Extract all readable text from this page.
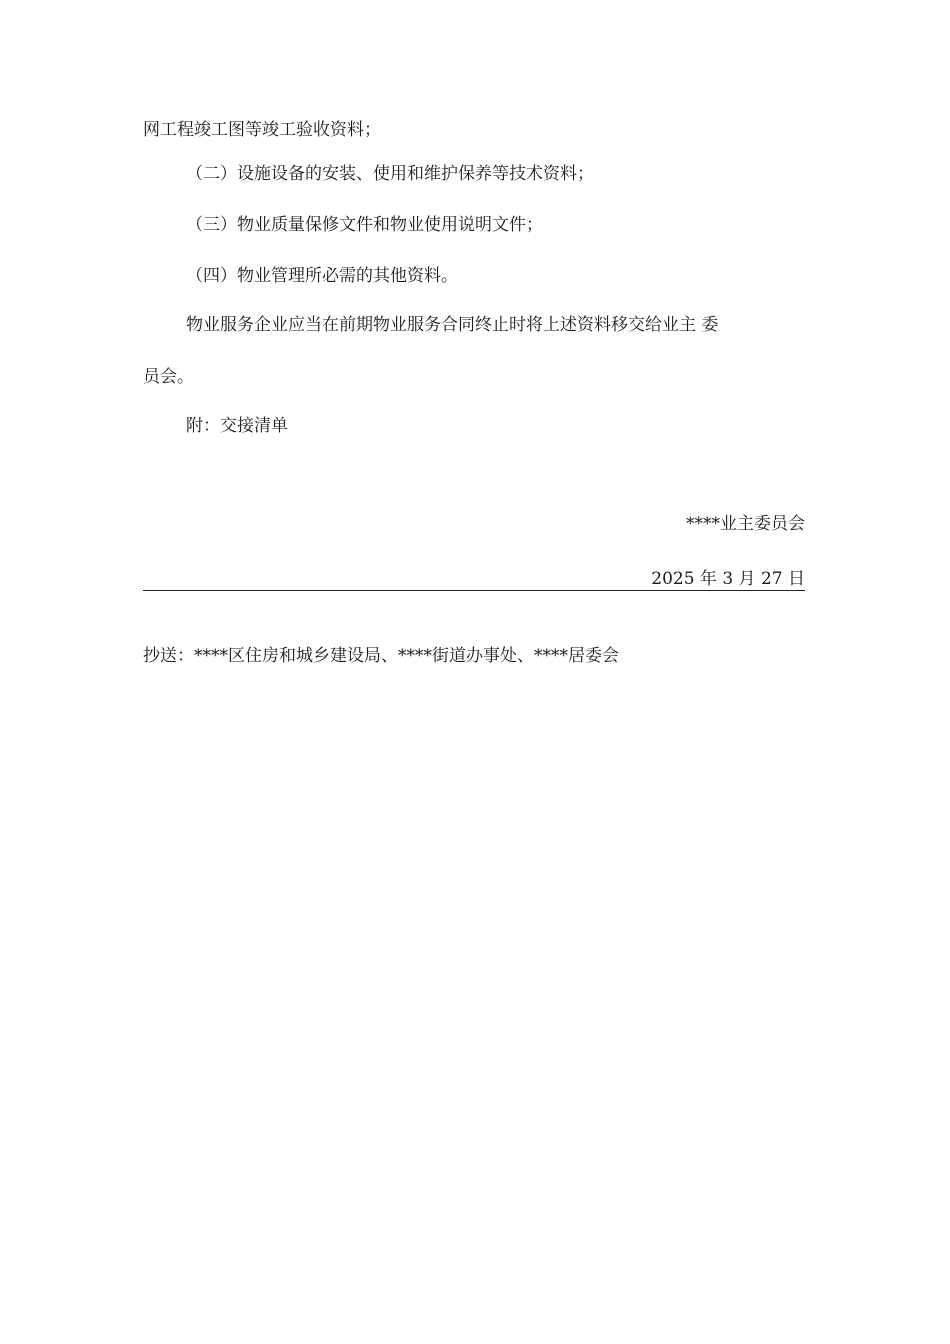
网工程竣工图等竣工验收资料；
（二）设施设备的安装、使用和维护保养等技术资料；
（三）物业质量保修文件和物业使用说明文件；
（四）物业管理所必需的其他资料。
物业服务企业应当在前期物业服务合同终止时将上述资料移交给业主 委
员会。
附：交接清单
****业主委员会
2025 年 3 月 27 日
抄送：****区住房和城乡建设局、****街道办事处、****居委会
